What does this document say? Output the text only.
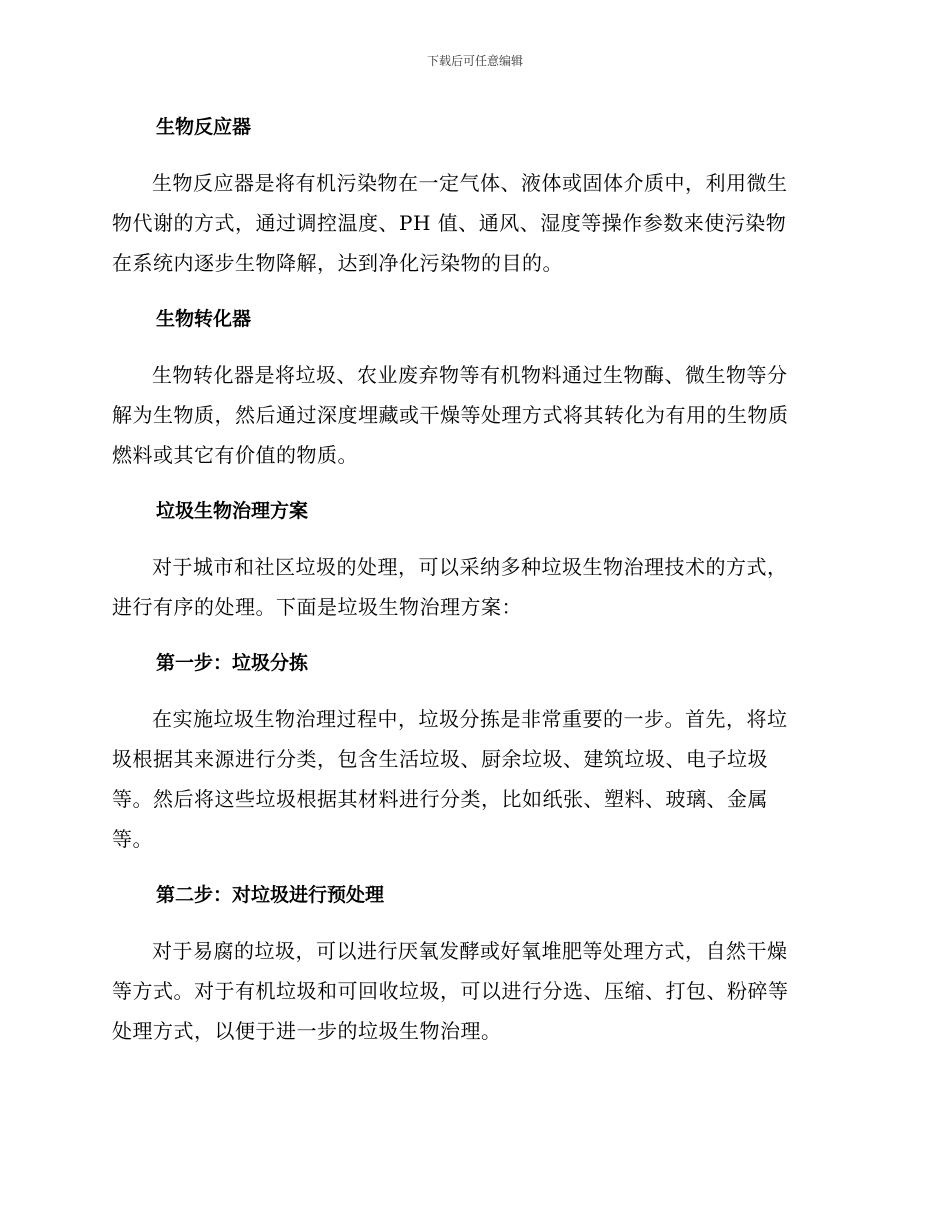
下载后可任意编辑
生物反应器
生物反应器是将有机污染物在一定气体、液体或固体介质中，利用微生
物代谢的方式，通过调控温度、PH 值、通风、湿度等操作参数来使污染物
在系统内逐步生物降解，达到净化污染物的目的。
生物转化器
生物转化器是将垃圾、农业废弃物等有机物料通过生物酶、微生物等分
解为生物质，然后通过深度埋藏或干燥等处理方式将其转化为有用的生物质
燃料或其它有价值的物质。
垃圾生物治理方案
对于城市和社区垃圾的处理，可以采纳多种垃圾生物治理技术的方式，
进行有序的处理。下面是垃圾生物治理方案：
第一步：垃圾分拣
在实施垃圾生物治理过程中，垃圾分拣是非常重要的一步。首先，将垃
圾根据其来源进行分类，包含生活垃圾、厨余垃圾、建筑垃圾、电子垃圾
等。然后将这些垃圾根据其材料进行分类，比如纸张、塑料、玻璃、金属
等。
第二步：对垃圾进行预处理
对于易腐的垃圾，可以进行厌氧发酵或好氧堆肥等处理方式，自然干燥
等方式。对于有机垃圾和可回收垃圾，可以进行分选、压缩、打包、粉碎等
处理方式，以便于进一步的垃圾生物治理。
